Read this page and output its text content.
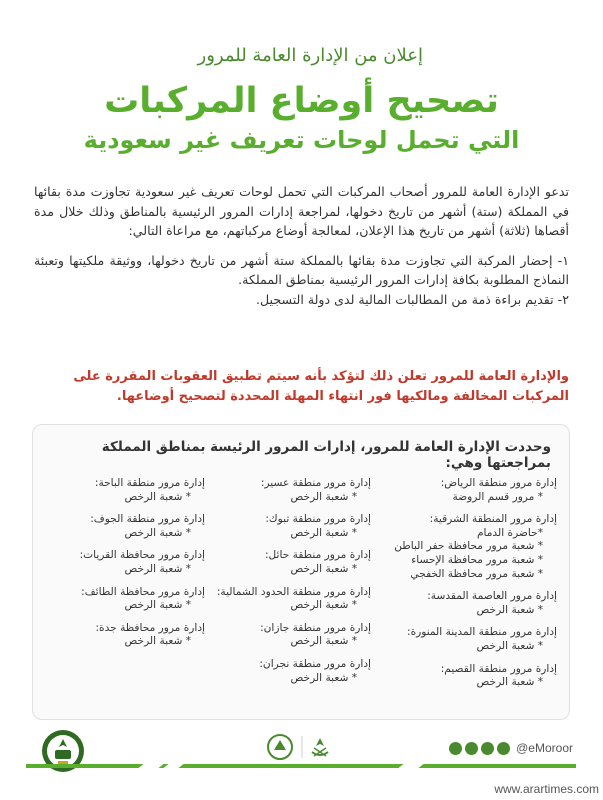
إعلان من الإدارة العامة للمرور
تصحيح أوضاع المركبات
التي تحمل لوحات تعريف غير سعودية

تدعو الإدارة العامة للمرور أصحاب المركبات التي تحمل لوحات تعريف غير سعودية تجاوزت مدة بقائها في المملكة (ستة) أشهر من تاريخ دخولها، لمراجعة إدارات المرور الرئيسية بالمناطق وذلك خلال مدة أقصاها (ثلاثة) أشهر من تاريخ هذا الإعلان، لمعالجة أوضاع مركباتهم، مع مراعاة التالي:

١- إحضار المركبة التي تجاوزت مدة بقائها بالمملكة ستة أشهر من تاريخ دخولها، ووثيقة ملكيتها وتعبئة النماذج المطلوبة بكافة إدارات المرور الرئيسية بمناطق المملكة.
٢- تقديم براءة ذمة من المطالبات المالية لدى دولة التسجيل.
والإدارة العامة للمرور تعلن ذلك لتؤكد بأنه سيتم تطبيق العقوبات المقررة على المركبات المخالفة ومالكيها فور انتهاء المهلة المحددة لتصحيح أوضاعها.
وحددت الإدارة العامة للمرور، إدارات المرور الرئيسة بمناطق المملكة بمراجعتها وهي:
إدارة مرور منطقة الرياض:
* مرور قسم الروضة
إدارة مرور المنطقة الشرقية:
*حاضرة الدمام
* شعبة مرور محافظة حفر الباطن
* شعبة مرور محافظة الإحساء
* شعبة مرور محافظة الخفجي
إدارة مرور العاصمة المقدسة:
* شعبة الرخص
إدارة مرور منطقة المدينة المنورة:
* شعبة الرخص
إدارة مرور منطقة القصيم:
* شعبة الرخص
إدارة مرور منطقة عسير:
* شعبة الرخص
إدارة مرور منطقة تبوك:
* شعبة الرخص
إدارة مرور منطقة حائل:
* شعبة الرخص
إدارة مرور منطقة الحدود الشمالية:
* شعبة الرخص
إدارة مرور منطقة جازان:
* شعبة الرخص
إدارة مرور منطقة نجران:
* شعبة الرخص
إدارة مرور منطقة الباحة:
* شعبة الرخص
إدارة مرور منطقة الجوف:
* شعبة الرخص
إدارة مرور محافظة القريات:
* شعبة الرخص
إدارة مرور محافظة الطائف:
* شعبة الرخص
إدارة مرور محافظة جدة:
* شعبة الرخص
@eMoroor
www.arartimes.com
